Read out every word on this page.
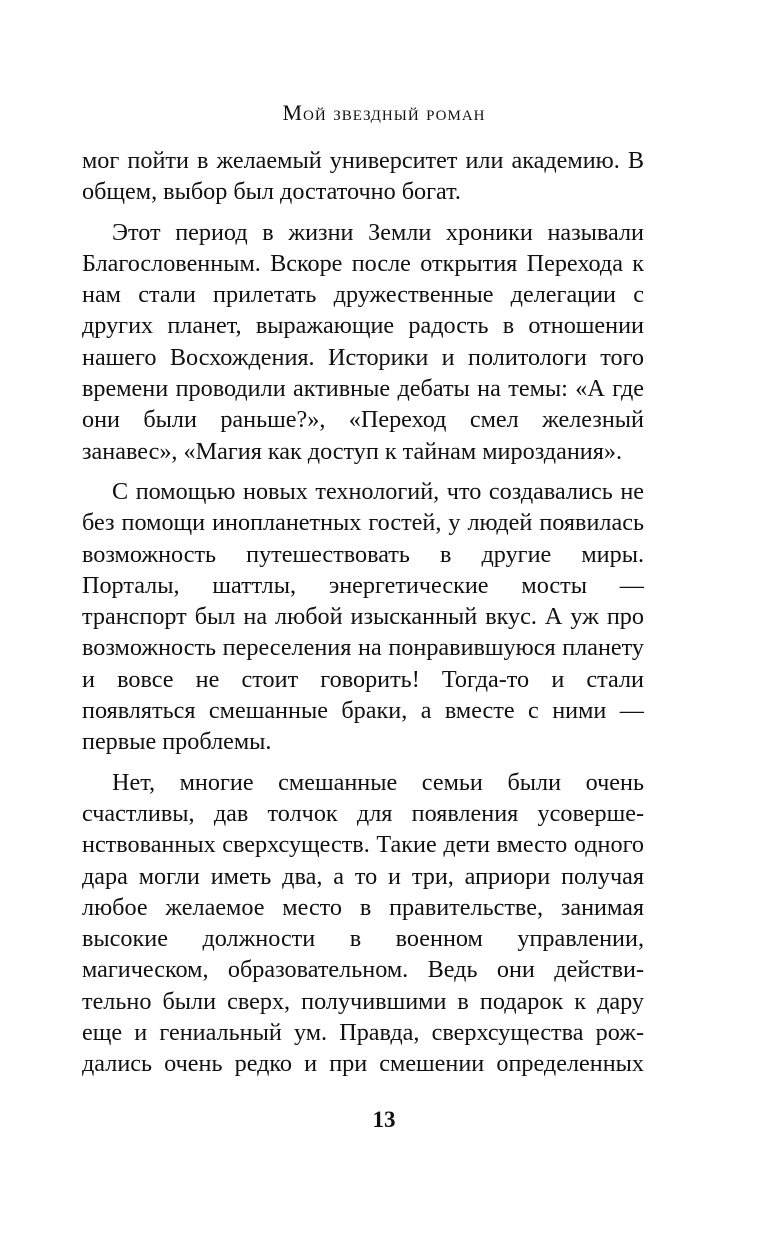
Мой звездный роман

мог пойти в желаемый университет или академию. В общем, выбор был достаточно богат.

Этот период в жизни Земли хроники называли Благословенным. Вскоре после открытия Перехода к нам стали прилетать дружественные делегации с других планет, выражающие радость в отношении нашего Восхождения. Историки и политологи того времени проводили активные дебаты на темы: «А где они были раньше?», «Переход смел железный занавес», «Магия как доступ к тайнам мироздания».

С помощью новых технологий, что создавались не без помощи инопланетных гостей, у людей появилась возможность путешествовать в другие миры. Порталы, шаттлы, энергетические мосты — транспорт был на любой изысканный вкус. А уж про возможность переселения на понравившуюся планету и вовсе не стоит говорить! Тогда-то и стали появляться смешанные браки, а вместе с ними — первые проблемы.

Нет, многие смешанные семьи были очень счастливы, дав толчок для появления усовершенствованных сверхсуществ. Такие дети вместо одного дара могли иметь два, а то и три, априори получая любое желаемое место в правительстве, занимая высокие должности в военном управлении, магическом, образовательном. Ведь они действительно были сверх, получившими в подарок к дару еще и гениальный ум. Правда, сверхсущества рождались очень редко и при смешении определенных

13
